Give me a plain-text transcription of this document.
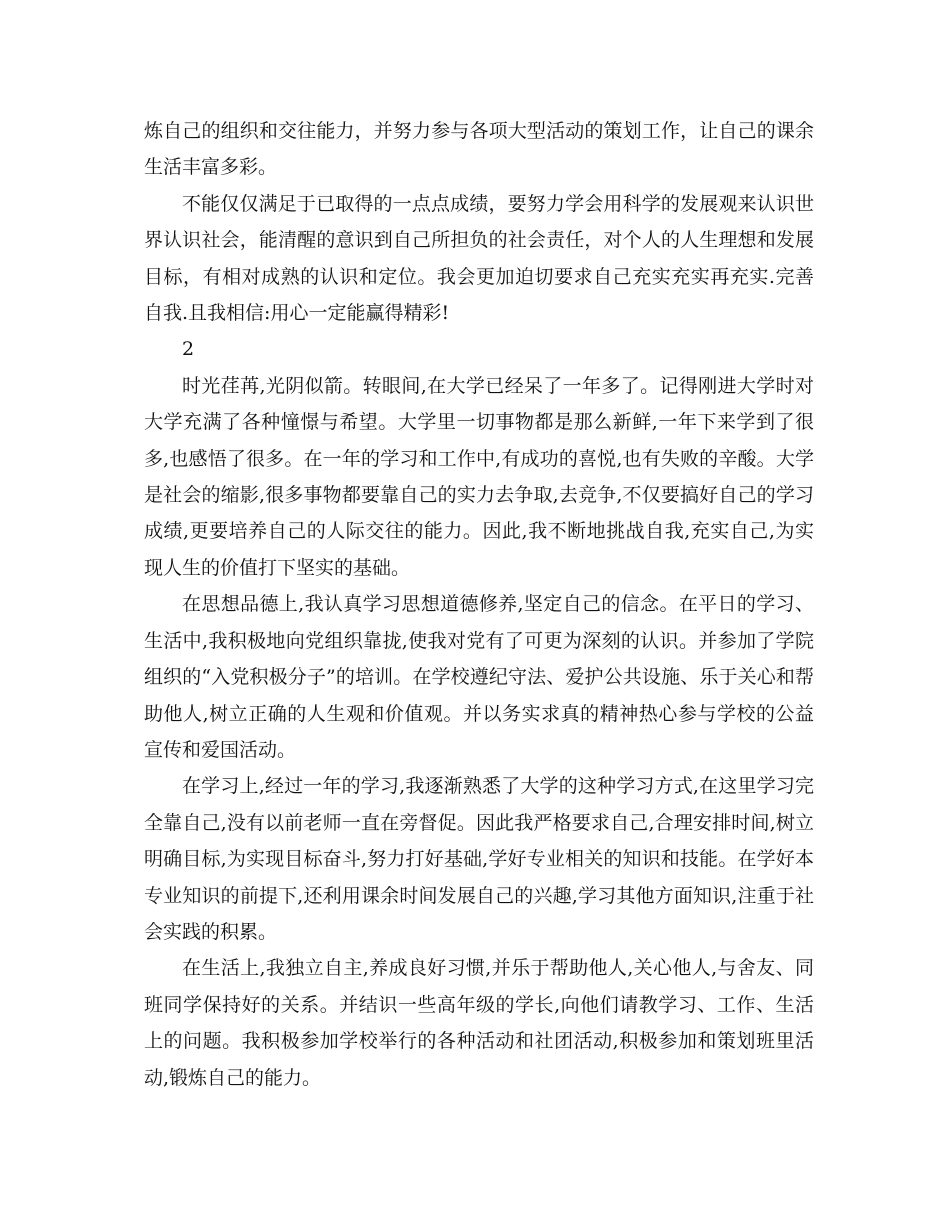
炼自己的组织和交往能力，并努力参与各项大型活动的策划工作，让自己的课余生活丰富多彩。

不能仅仅满足于已取得的一点点成绩，要努力学会用科学的发展观来认识世界认识社会，能清醒的意识到自己所担负的社会责任，对个人的人生理想和发展目标，有相对成熟的认识和定位。我会更加迫切要求自己充实充实再充实.完善自我.且我相信:用心一定能赢得精彩!

2

时光荏苒,光阴似箭。转眼间,在大学已经呆了一年多了。记得刚进大学时对大学充满了各种憧憬与希望。大学里一切事物都是那么新鲜,一年下来学到了很多,也感悟了很多。在一年的学习和工作中,有成功的喜悦,也有失败的辛酸。大学是社会的缩影,很多事物都要靠自己的实力去争取,去竞争,不仅要搞好自己的学习成绩,更要培养自己的人际交往的能力。因此,我不断地挑战自我,充实自己,为实现人生的价值打下坚实的基础。

在思想品德上,我认真学习思想道德修养,坚定自己的信念。在平日的学习、生活中,我积极地向党组织靠拢,使我对党有了可更为深刻的认识。并参加了学院组织的“入党积极分子”的培训。在学校遵纪守法、爱护公共设施、乐于关心和帮助他人,树立正确的人生观和价值观。并以务实求真的精神热心参与学校的公益宣传和爱国活动。

在学习上,经过一年的学习,我逐渐熟悉了大学的这种学习方式,在这里学习完全靠自己,没有以前老师一直在旁督促。因此我严格要求自己,合理安排时间,树立明确目标,为实现目标奋斗,努力打好基础,学好专业相关的知识和技能。在学好本专业知识的前提下,还利用课余时间发展自己的兴趣,学习其他方面知识,注重于社会实践的积累。

在生活上,我独立自主,养成良好习惯,并乐于帮助他人,关心他人,与舍友、同班同学保持好的关系。并结识一些高年级的学长,向他们请教学习、工作、生活上的问题。我积极参加学校举行的各种活动和社团活动,积极参加和策划班里活动,锻炼自己的能力。
